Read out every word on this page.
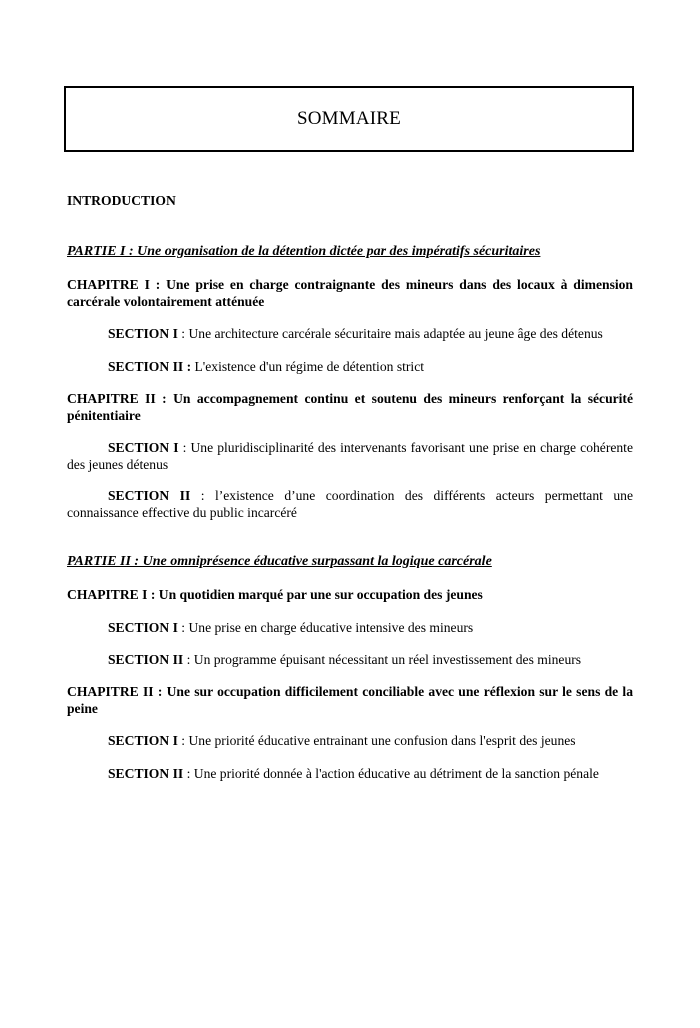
SOMMAIRE

INTRODUCTION

PARTIE I : Une organisation de la détention dictée par des impératifs sécuritaires

CHAPITRE I : Une prise en charge contraignante des mineurs dans des locaux à dimension carcérale volontairement atténuée

SECTION I : Une architecture carcérale sécuritaire mais adaptée au jeune âge des détenus

SECTION II : L'existence d'un régime de détention strict

CHAPITRE II : Un accompagnement continu et soutenu des mineurs renforçant la sécurité pénitentiaire

SECTION I : Une pluridisciplinarité des intervenants favorisant une prise en charge cohérente des jeunes détenus

SECTION II : l’existence d’une coordination des différents acteurs permettant une connaissance effective du public incarcéré

PARTIE II : Une omniprésence éducative surpassant la logique carcérale

CHAPITRE I : Un quotidien marqué par une sur occupation des jeunes

SECTION I : Une prise en charge éducative intensive des mineurs

SECTION II : Un programme épuisant nécessitant un réel investissement des mineurs

CHAPITRE II : Une sur occupation difficilement conciliable avec une réflexion sur le sens de la peine

SECTION I : Une priorité éducative entrainant une confusion dans l'esprit des jeunes

SECTION II : Une priorité donnée à l'action éducative au détriment de la sanction pénale
